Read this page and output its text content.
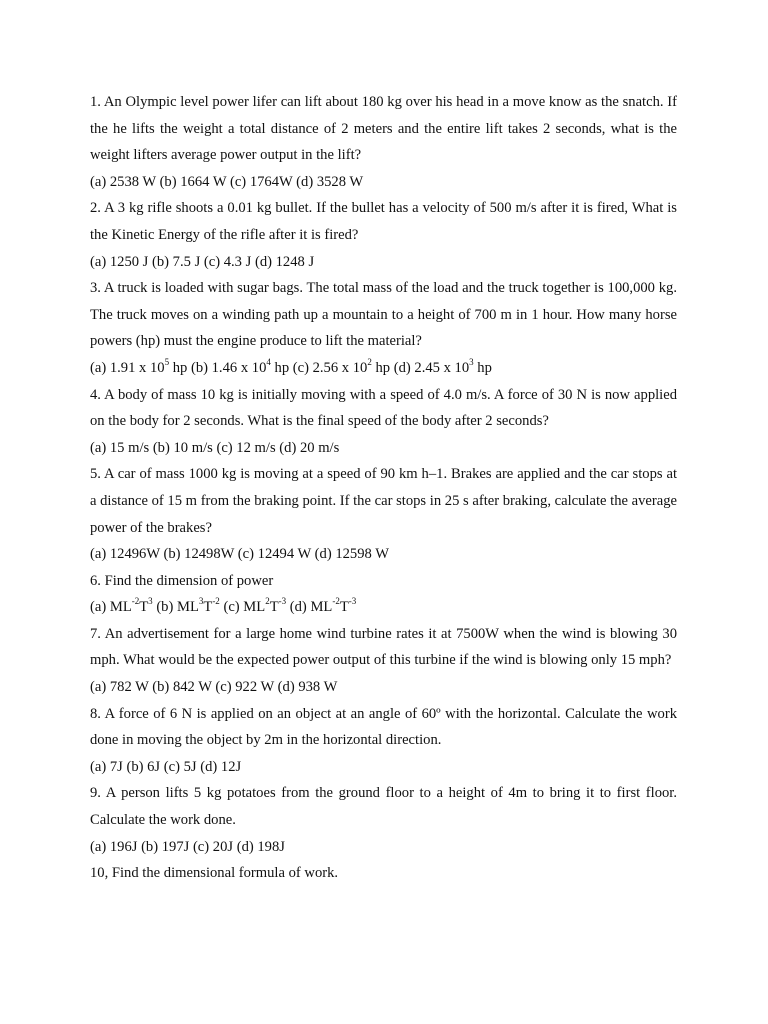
1. An Olympic level power lifer can lift about 180 kg over his head in a move know as the snatch. If the he lifts the weight a total distance of 2 meters and the entire lift takes 2 seconds, what is the weight lifters average power output in the lift?

(a) 2538 W (b) 1664 W (c) 1764W (d) 3528 W

2. A 3 kg rifle shoots a 0.01 kg bullet. If the bullet has a velocity of 500 m/s after it is fired, What is the Kinetic Energy of the rifle after it is fired?

(a) 1250 J (b) 7.5 J (c) 4.3 J (d) 1248 J

3. A truck is loaded with sugar bags. The total mass of the load and the truck together is 100,000 kg. The truck moves on a winding path up a mountain to a height of 700 m in 1 hour. How many horse powers (hp) must the engine produce to lift the material?

(a) 1.91 x $10^5$ hp (b) 1.46 x $10^4$ hp (c) 2.56 x $10^2$ hp (d) 2.45 x $10^3$ hp

4. A body of mass 10 kg is initially moving with a speed of 4.0 m/s. A force of 30 N is now applied on the body for 2 seconds. What is the final speed of the body after 2 seconds?

(a) 15 m/s (b) 10 m/s (c) 12 m/s (d) 20 m/s

5. A car of mass 1000 kg is moving at a speed of 90 km h–1. Brakes are applied and the car stops at a distance of 15 m from the braking point. If the car stops in 25 s after braking, calculate the average power of the brakes?

(a) 12496W (b) 12498W (c) 12494 W (d) 12598 W

6. Find the dimension of power

(a) $ML^{-2}T^3$ (b) $ML^3T^{-2}$ (c) $ML^2T^{-3}$ (d) $ML^{-2}T^{-3}$

7. An advertisement for a large home wind turbine rates it at 7500W when the wind is blowing 30 mph. What would be the expected power output of this turbine if the wind is blowing only 15 mph?

(a) 782 W (b) 842 W (c) 922 W (d) 938 W

8. A force of 6 N is applied on an object at an angle of 60º with the horizontal. Calculate the work done in moving the object by 2m in the horizontal direction.

(a) 7J (b) 6J (c) 5J (d) 12J

9. A person lifts 5 kg potatoes from the ground floor to a height of 4m to bring it to first floor. Calculate the work done.

(a) 196J (b) 197J (c) 20J (d) 198J

10, Find the dimensional formula of work.
